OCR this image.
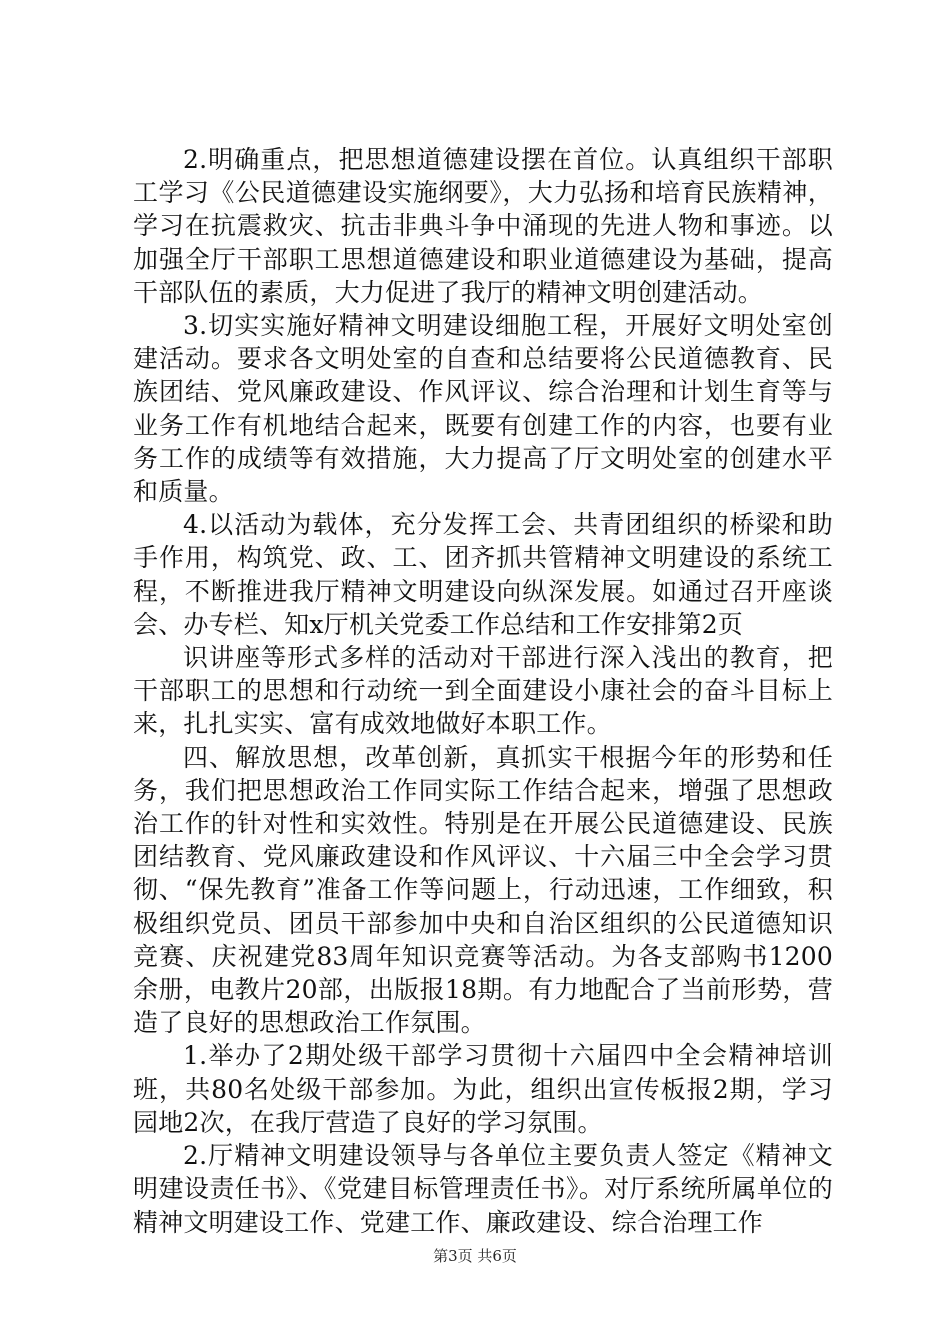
2.明确重点，把思想道德建设摆在首位。认真组织干部职工学习《公民道德建设实施纲要》，大力弘扬和培育民族精神，学习在抗震救灾、抗击非典斗争中涌现的先进人物和事迹。以加强全厅干部职工思想道德建设和职业道德建设为基础，提高干部队伍的素质，大力促进了我厅的精神文明创建活动。

3.切实实施好精神文明建设细胞工程，开展好文明处室创建活动。要求各文明处室的自查和总结要将公民道德教育、民族团结、党风廉政建设、作风评议、综合治理和计划生育等与业务工作有机地结合起来，既要有创建工作的内容，也要有业务工作的成绩等有效措施，大力提高了厅文明处室的创建水平和质量。

4.以活动为载体，充分发挥工会、共青团组织的桥梁和助手作用，构筑党、政、工、团齐抓共管精神文明建设的系统工程，不断推进我厅精神文明建设向纵深发展。如通过召开座谈会、办专栏、知x厅机关党委工作总结和工作安排第2页

识讲座等形式多样的活动对干部进行深入浅出的教育，把干部职工的思想和行动统一到全面建设小康社会的奋斗目标上来，扎扎实实、富有成效地做好本职工作。

四、解放思想，改革创新，真抓实干根据今年的形势和任务，我们把思想政治工作同实际工作结合起来，增强了思想政治工作的针对性和实效性。特别是在开展公民道德建设、民族团结教育、党风廉政建设和作风评议、十六届三中全会学习贯彻、“保先教育”准备工作等问题上，行动迅速，工作细致，积极组织党员、团员干部参加中央和自治区组织的公民道德知识竞赛、庆祝建党83周年知识竞赛等活动。为各支部购书1200余册，电教片20部，出版报18期。有力地配合了当前形势，营造了良好的思想政治工作氛围。

1.举办了2期处级干部学习贯彻十六届四中全会精神培训班，共80名处级干部参加。为此，组织出宣传板报2期，学习园地2次，在我厅营造了良好的学习氛围。

2.厅精神文明建设领导与各单位主要负责人签定《精神文明建设责任书》、《党建目标管理责任书》。对厅系统所属单位的精神文明建设工作、党建工作、廉政建设、综合治理工作

第3页 共6页
